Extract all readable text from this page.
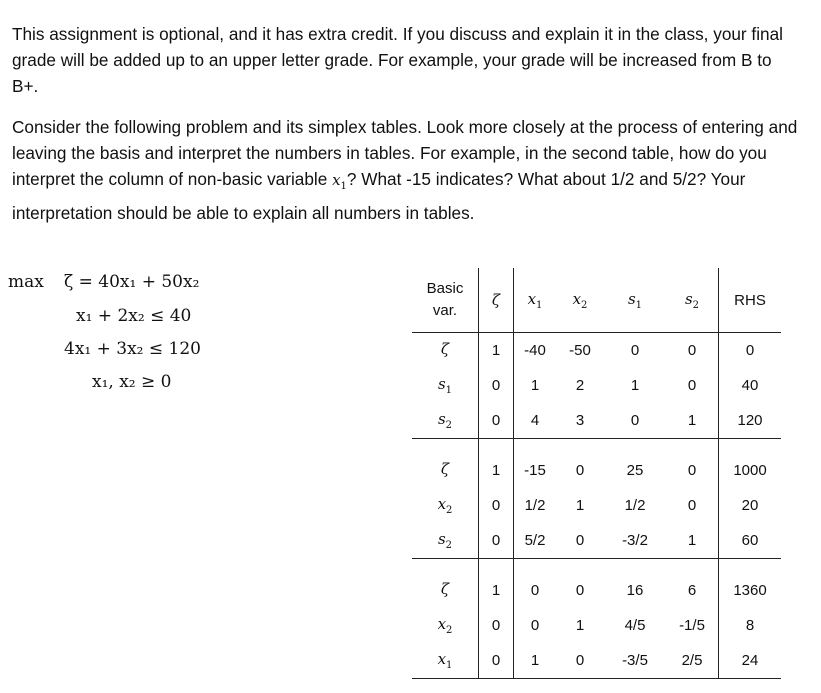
This assignment is optional, and it has extra credit. If you discuss and explain it in the class, your final grade will be added up to an upper letter grade. For example, your grade will be increased from B to B+.

Consider the following problem and its simplex tables. Look more closely at the process of entering and leaving the basis and interpret the numbers in tables. For example, in the second table, how do you interpret the column of non-basic variable $x_1$? What -15 indicates? What about 1/2 and 5/2? Your interpretation should be able to explain all numbers in tables.

max ζ = 40x₁ + 50x₂
x₁ + 2x₂ ≤ 40
4x₁ + 3x₂ ≤ 120
x₁, x₂ ≥ 0
Basic
var.	ζ	$x_1$	$x_2$	$s_1$	$s_2$	RHS
ζ	1	-40	-50	0	0	0
$s_1$	0	1	2	1	0	40
$s_2$	0	4	3	0	1	120

ζ	1	-15	0	25	0	1000
$x_2$	0	1/2	1	1/2	0	20
$s_2$	0	5/2	0	-3/2	1	60

ζ	1	0	0	16	6	1360
$x_2$	0	0	1	4/5	-1/5	8
$x_1$	0	1	0	-3/5	2/5	24
